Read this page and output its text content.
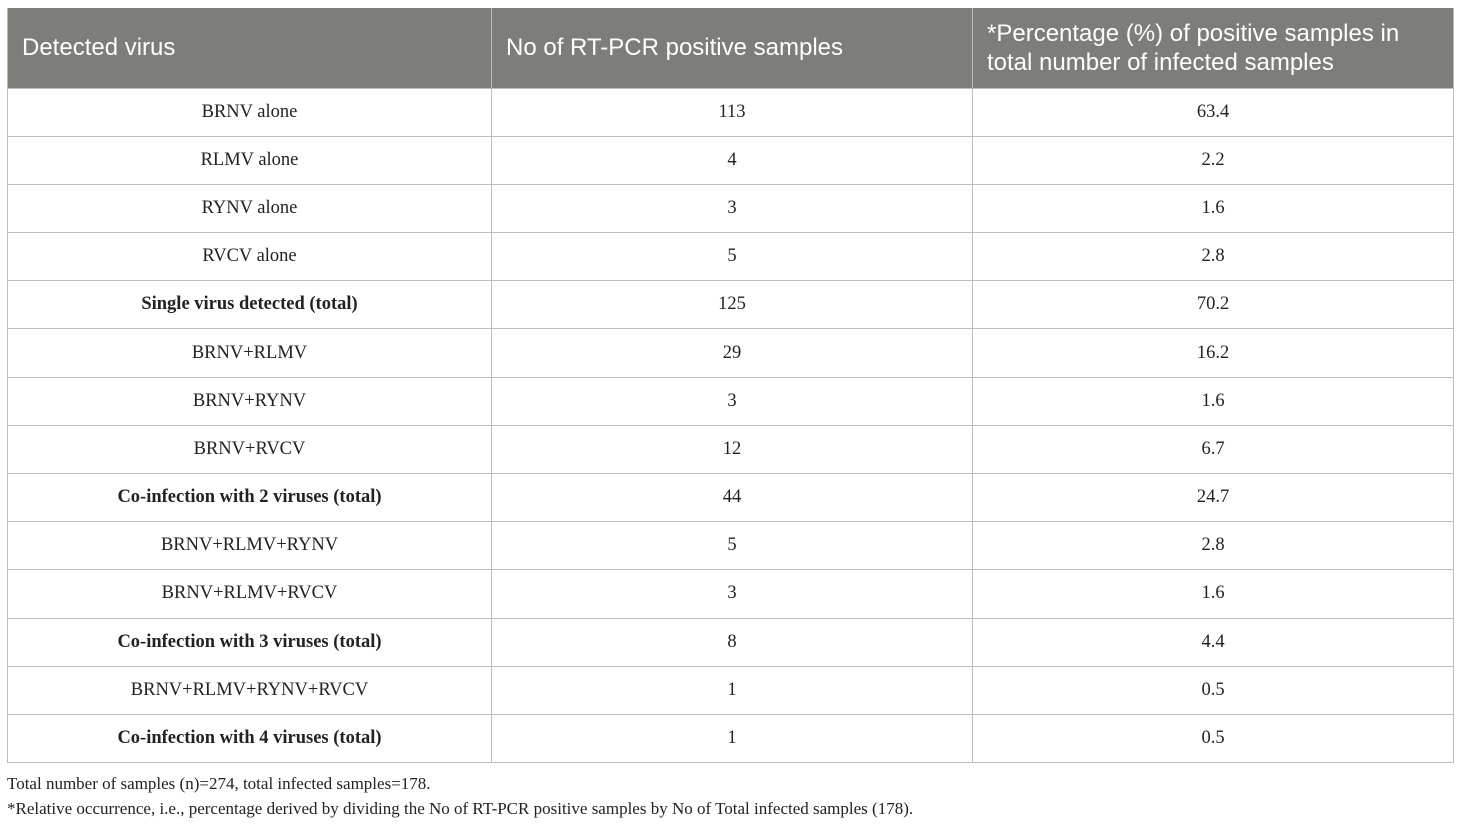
Detected virus	No of RT-PCR positive samples	*Percentage (%) of positive samples in total number of infected samples
BRNV alone	113	63.4
RLMV alone	4	2.2
RYNV alone	3	1.6
RVCV alone	5	2.8
Single virus detected (total)	125	70.2
BRNV+RLMV	29	16.2
BRNV+RYNV	3	1.6
BRNV+RVCV	12	6.7
Co-infection with 2 viruses (total)	44	24.7
BRNV+RLMV+RYNV	5	2.8
BRNV+RLMV+RVCV	3	1.6
Co-infection with 3 viruses (total)	8	4.4
BRNV+RLMV+RYNV+RVCV	1	0.5
Co-infection with 4 viruses (total)	1	0.5

Total number of samples (n)=274, total infected samples=178.

*Relative occurrence, i.e., percentage derived by dividing the No of RT-PCR positive samples by No of Total infected samples (178).
